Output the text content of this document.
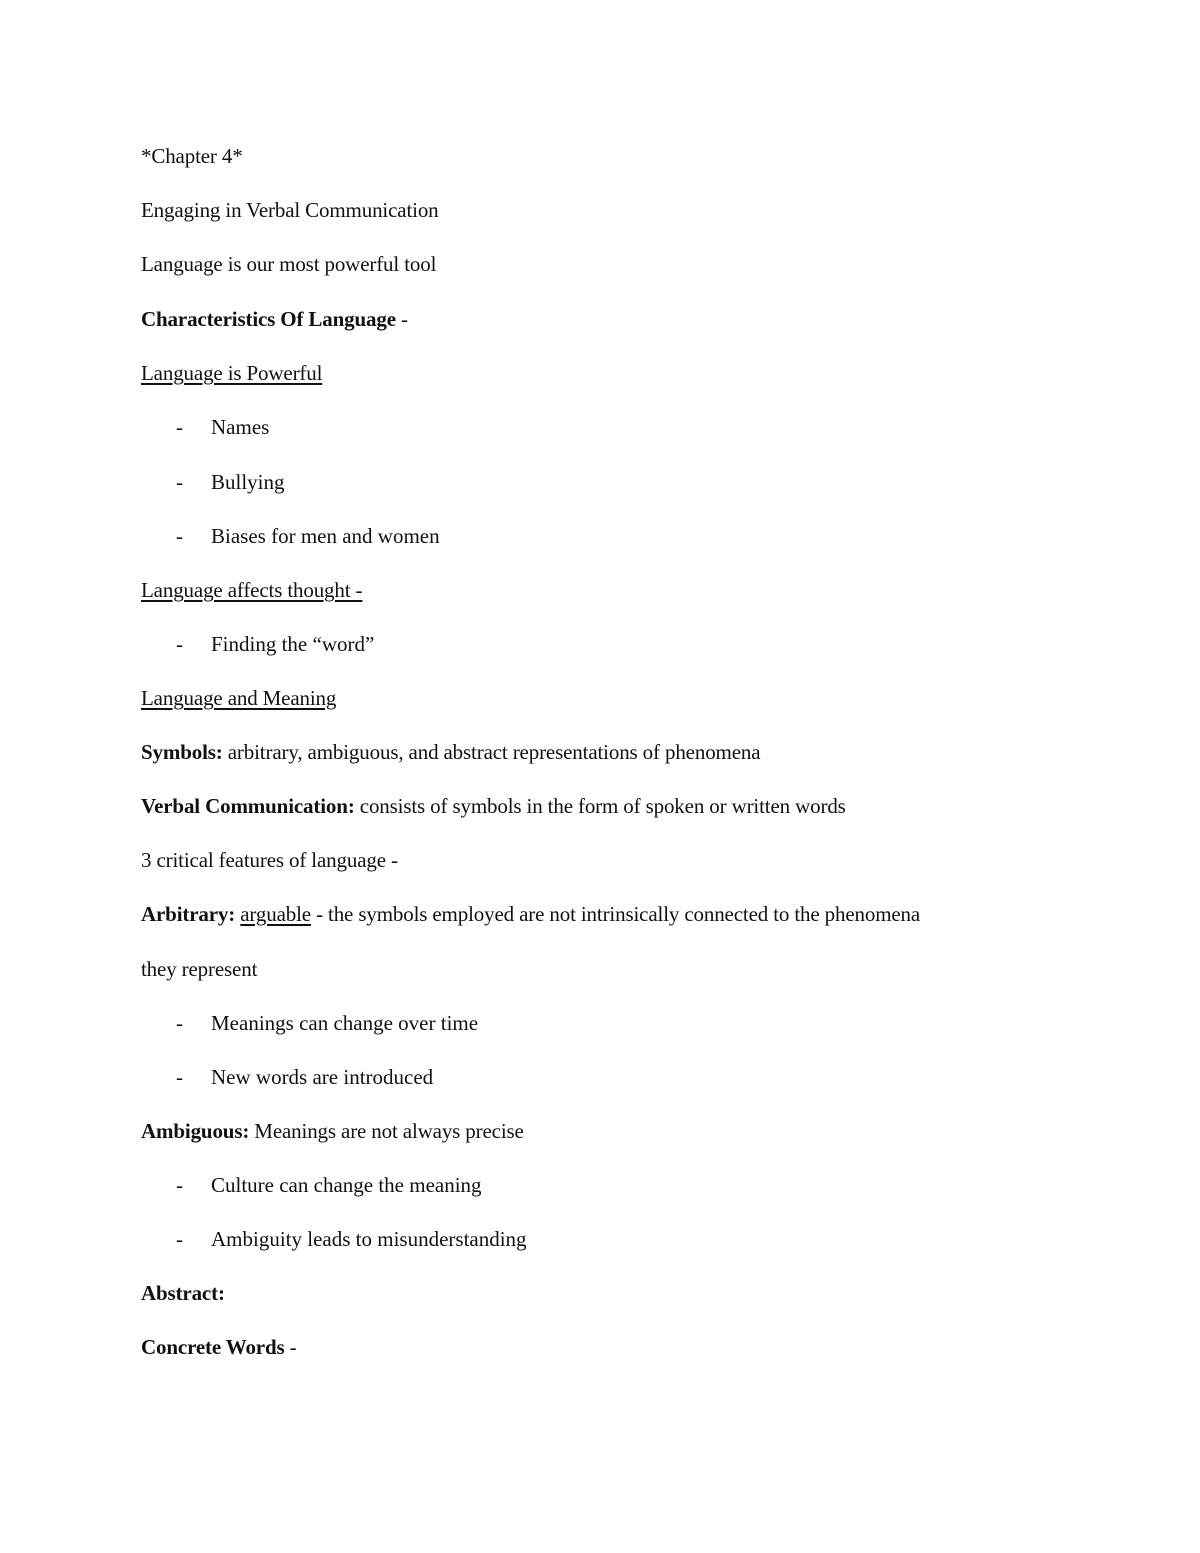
*Chapter 4*
Engaging in Verbal Communication
Language is our most powerful tool
Characteristics Of Language -
Language is Powerful
- Names
- Bullying
- Biases for men and women
Language affects thought -
- Finding the “word”
Language and Meaning
Symbols: arbitrary, ambiguous, and abstract representations of phenomena
Verbal Communication: consists of symbols in the form of spoken or written words
3 critical features of language -
Arbitrary: arguable - the symbols employed are not intrinsically connected to the phenomena
they represent
- Meanings can change over time
- New words are introduced
Ambiguous: Meanings are not always precise
- Culture can change the meaning
- Ambiguity leads to misunderstanding
Abstract:
Concrete Words -
